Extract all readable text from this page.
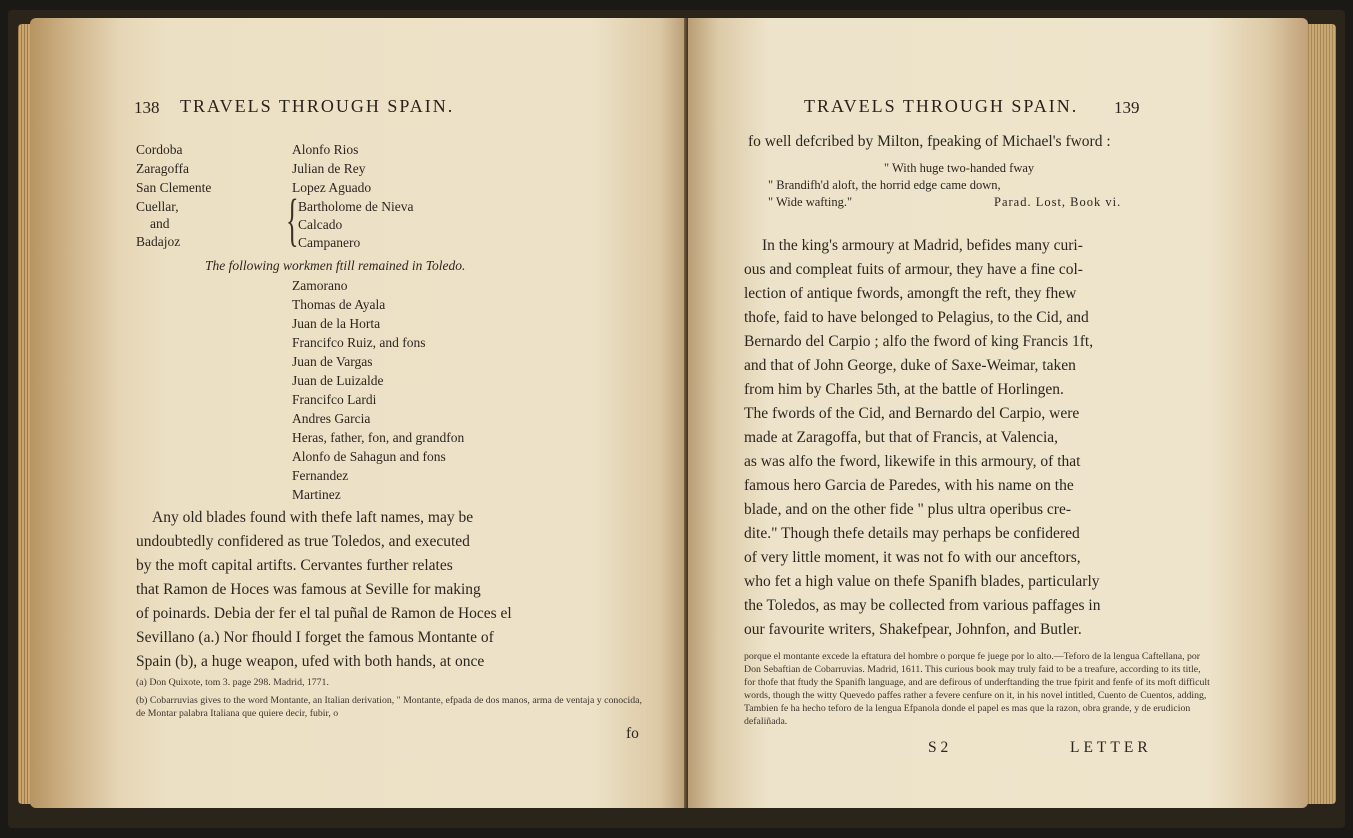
138 TRAVELS THROUGH SPAIN.
Cordoba
Zaragoffa
San Clemente
Cuellar,
and
Badajoz
Alonfo Rios
Julian de Rey
Lopez Aguado
{ Bartholome de Nieva
Calcado
Campanero
The following workmen ftill remained in Toledo.
Zamorano
Thomas de Ayala
Juan de la Horta
Francifco Ruiz, and fons
Juan de Vargas
Juan de Luizalde
Francifco Lardi
Andres Garcia
Heras, father, fon, and grandfon
Alonfo de Sahagun and fons
Fernandez
Martinez
Any old blades found with thefe laft names, may be
undoubtedly confidered as true Toledos, and executed
by the moft capital artifts. Cervantes further relates
that Ramon de Hoces was famous at Seville for making
of poinards. Debia der fer el tal puñal de Ramon de Hoces el
Sevillano (a.) Nor fhould I forget the famous Montante of
Spain (b), a huge weapon, ufed with both hands, at once
(a) Don Quixote, tom 3. page 298. Madrid, 1771.
(b) Cobarruvias gives to the word Montante, an Italian derivation, " Montante, efpada de dos manos, arma de ventaja y conocida, de Montar palabra Italiana que quiere decir, fubir, o
fo
TRAVELS THROUGH SPAIN. 139
fo well defcribed by Milton, fpeaking of Michael's fword :
" With huge two-handed fway
" Brandifh'd aloft, the horrid edge came down,
" Wide wafting."	Parad. Lost, Book vi.
In the king's armoury at Madrid, befides many curi-
ous and compleat fuits of armour, they have a fine col-
lection of antique fwords, amongft the reft, they fhew
thofe, faid to have belonged to Pelagius, to the Cid, and
Bernardo del Carpio ; alfo the fword of king Francis 1ft,
and that of John George, duke of Saxe-Weimar, taken
from him by Charles 5th, at the battle of Horlingen.
The fwords of the Cid, and Bernardo del Carpio, were
made at Zaragoffa, but that of Francis, at Valencia,
as was alfo the fword, likewife in this armoury, of that
famous hero Garcia de Paredes, with his name on the
blade, and on the other fide " plus ultra operibus cre-
dite." Though thefe details may perhaps be confidered
of very little moment, it was not fo with our anceftors,
who fet a high value on thefe Spanifh blades, particularly
the Toledos, as may be collected from various paffages in
our favourite writers, Shakefpear, Johnfon, and Butler.
porque el montante excede la eftatura del hombre o porque fe juege por lo alto.—Teforo de la lengua Caftellana, por Don Sebaftian de Cobarruvias. Madrid, 1611. This curious book may truly faid to be a treafure, according to its title, for thofe that ftudy the Spanifh language, and are defirous of underftanding the true fpirit and fenfe of its moft difficult words, though the witty Quevedo paffes rather a fevere cenfure on it, in his novel intitled, Cuento de Cuentos, adding, Tambien fe ha hecho teforo de la lengua Efpanola donde el papel es mas que la razon, obra grande, y de erudicion defaliñada.
S 2	LETTER
